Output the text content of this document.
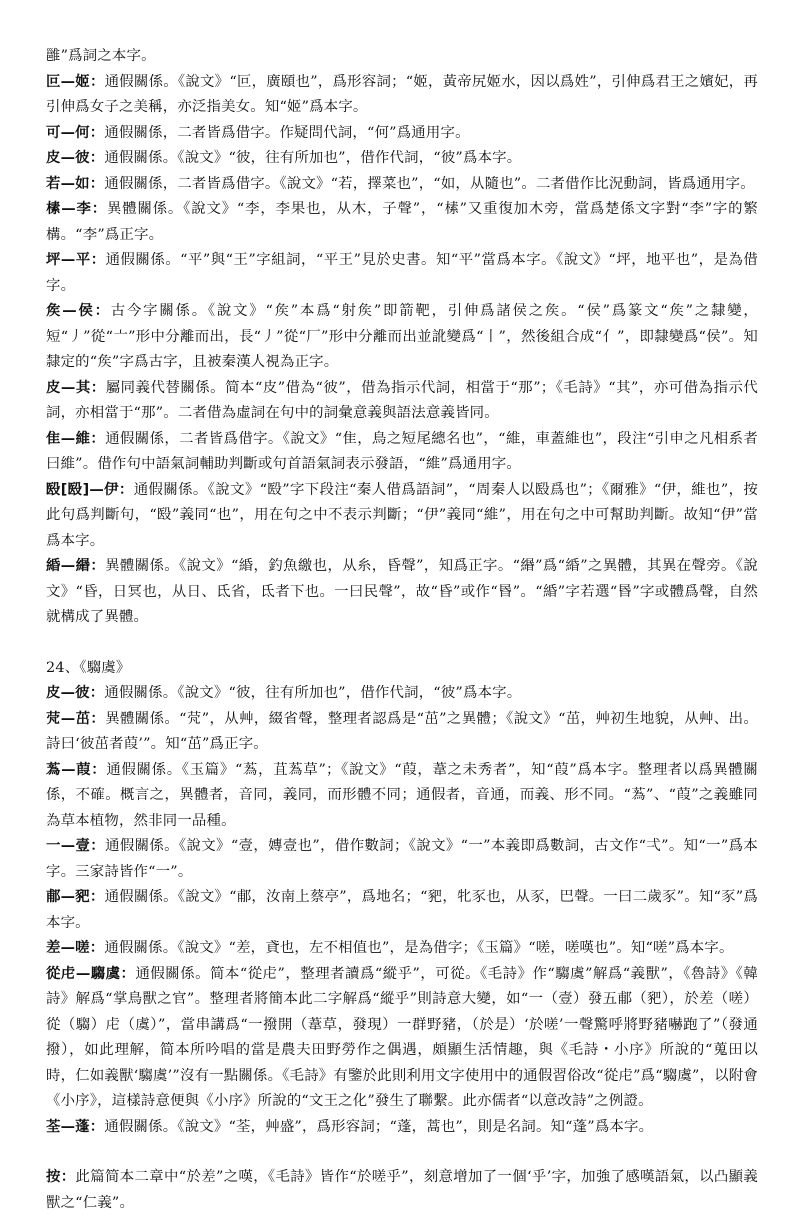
雝”爲詞之本字。

叵—姬：通假關係。《說文》“叵，廣頤也”，爲形容詞；“姬，黃帝尻姬水，因以爲姓”，引伸爲君王之嬪妃，再引伸爲女子之美稱，亦泛指美女。知“姬”爲本字。

可—何：通假關係，二者皆爲借字。作疑問代詞，“何”爲通用字。

皮—彼：通假關係。《說文》“彼，往有所加也”，借作代詞，“彼”爲本字。

若—如：通假關係，二者皆爲借字。《說文》“若，擇菜也”，“如，从隨也”。二者借作比況動詞，皆爲通用字。

榡—李：異體關係。《說文》“李，李果也，从木，子聲”，“榡”又重復加木旁，當爲楚係文字對“李”字的繁構。“李”爲正字。

坪—平：通假關係。“平”與“王”字組詞，“平王”見於史書。知“平”當爲本字。《說文》“坪，地平也”，是為借字。

矦—侯：古今字關係。《說文》“矦”本爲“射矦”即箭靶，引伸爲諸侯之矦。“侯”爲篆文“矦”之隸變，短“丿”從“〦”形中分離而出，長“丿”從“厂”形中分離而出並訛變爲“丨”，然後組合成“亻”，即隸變爲“侯”。知隸定的“矦”字爲古字，且被秦漢人視為正字。

皮—其：屬同義代替關係。简本“皮”借為“彼”，借為指示代詞，相當于“那”；《毛詩》“其”，亦可借為指示代詞，亦相當于“那”。二者借為虛詞在句中的詞彙意義與語法意義皆同。

隹—維：通假關係，二者皆爲借字。《說文》“隹，鳥之短尾總名也”，“維，車蓋維也”，段注“引申之凡相系者曰維”。借作句中語氣詞輔助判斷或句首語氣詞表示發語，“維”爲通用字。

殹[殹]—伊：通假關係。《說文》“殹”字下段注“秦人借爲語詞”，“周秦人以殹爲也”；《爾雅》“伊，維也”，按此句爲判斷句，“殹”義同“也”，用在句之中不表示判斷；“伊”義同“維”，用在句之中可幫助判斷。故知“伊”當爲本字。

緍—緡：異體關係。《說文》“緍，釣魚繳也，从糸，昏聲”，知爲正字。“緡”爲“緍”之異體，其異在聲旁。《說文》“昏，日冥也，从日、氐省，氐者下也。一曰民聲”，故“昏”或作“昬”。“緍”字若選“昬”字或體爲聲，自然就構成了異體。

24、《騶虞》

皮—彼：通假關係。《說文》“彼，往有所加也”，借作代詞，“彼”爲本字。

䒮—茁：異體關係。“䒮”，从艸，綴省聲，整理者認爲是“茁”之異體；《說文》“茁，艸初生地貌，从艸、出。詩曰‘彼茁者葭’”。知“茁”爲正字。

蒍—葭：通假關係。《玉篇》“蒍，苴蒍草”；《說文》“葭，葦之未秀者”，知“葭”爲本字。整理者以爲異體關係，不確。概言之，異體者，音同，義同，而形體不同；通假者，音通，而義、形不同。“蒍”、“葭”之義雖同為草本植物，然非同一品種。

一—壹：通假關係。《說文》“壹，嫥壹也”，借作數詞；《說文》“一”本義即爲數詞，古文作“弌”。知“一”爲本字。三家詩皆作“一”。

郙—豝：通假關係。《說文》“郙，汝南上蔡亭”，爲地名；“豝，牝豕也，从豕，巴聲。一曰二歲豕”。知“豕”爲本字。

差—嗟：通假關係。《說文》“差，貣也，左不相值也”，是為借字；《玉篇》“嗟，嗟嘆也”。知“嗟”爲本字。

從虍—騶虞：通假關係。简本“從虍”，整理者讀爲“縱乎”，可從。《毛詩》作“騶虞”解爲“義獸”，《魯詩》《韓詩》解爲“掌鳥獸之官”。整理者將簡本此二字解爲“縱乎”則詩意大變，如“一（壹）發五郙（豝），於差（嗟）從（騶）虍（虞）”，當串講爲“一撥開（葦草，發現）一群野豬，（於是）‘於嗟’一聲驚呼將野豬嚇跑了”（發通撥），如此理解，简本所吟唱的當是農夫田野勞作之偶遇，頗顯生活情趣，與《毛詩・小序》所說的“蒐田以時，仁如義獸‘騶虞’”沒有一點關係。《毛詩》有鑒於此則利用文字使用中的通假習俗改“從虍”爲“騶虞”，以附會《小序》，這樣詩意便與《小序》所說的“文王之化”發生了聯繫。此亦儒者“以意改詩”之例證。

荃—蓬：通假關係。《說文》“荃，艸盛”，爲形容詞；“蓬，蒿也”，則是名詞。知“蓬”爲本字。

按：此篇简本二章中“於差”之嘆，《毛詩》皆作“於嗟乎”，刻意增加了一個‘乎’字，加強了感嘆語氣，以凸顯義獸之“仁義”。
